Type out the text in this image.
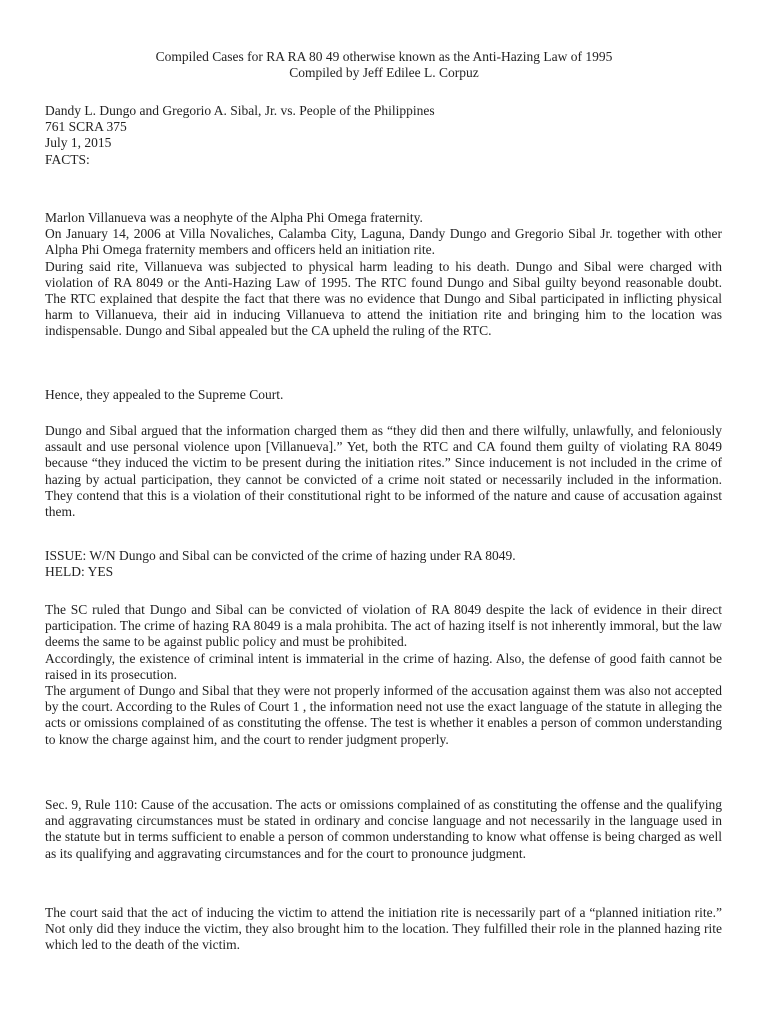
Compiled Cases for RA RA 80 49 otherwise known as the Anti-Hazing Law of 1995
Compiled by Jeff Edilee L. Corpuz
Dandy L. Dungo and Gregorio A. Sibal, Jr. vs. People of the Philippines
761 SCRA 375
July 1, 2015
FACTS:
Marlon Villanueva was a neophyte of the Alpha Phi Omega fraternity.
On January 14, 2006 at Villa Novaliches, Calamba City, Laguna, Dandy Dungo and Gregorio Sibal Jr. together with other Alpha Phi Omega fraternity members and officers held an initiation rite.
During said rite, Villanueva was subjected to physical harm leading to his death. Dungo and Sibal were charged with violation of RA 8049 or the Anti-Hazing Law of 1995. The RTC found Dungo and Sibal guilty beyond reasonable doubt. The RTC explained that despite the fact that there was no evidence that Dungo and Sibal participated in inflicting physical harm to Villanueva, their aid in inducing Villanueva to attend the initiation rite and bringing him to the location was indispensable. Dungo and Sibal appealed but the CA upheld the ruling of the RTC.
Hence, they appealed to the Supreme Court.
Dungo and Sibal argued that the information charged them as “they did then and there wilfully, unlawfully, and feloniously assault and use personal violence upon [Villanueva].” Yet, both the RTC and CA found them guilty of violating RA 8049 because “they induced the victim to be present during the initiation rites.” Since inducement is not included in the crime of hazing by actual participation, they cannot be convicted of a crime noit stated or necessarily included in the information. They contend that this is a violation of their constitutional right to be informed of the nature and cause of accusation against them.
ISSUE: W/N Dungo and Sibal can be convicted of the crime of hazing under RA 8049.
HELD: YES
The SC ruled that Dungo and Sibal can be convicted of violation of RA 8049 despite the lack of evidence in their direct participation. The crime of hazing RA 8049 is a mala prohibita. The act of hazing itself is not inherently immoral, but the law deems the same to be against public policy and must be prohibited.
Accordingly, the existence of criminal intent is immaterial in the crime of hazing. Also, the defense of good faith cannot be raised in its prosecution.
The argument of Dungo and Sibal that they were not properly informed of the accusation against them was also not accepted by the court. According to the Rules of Court 1 , the information need not use the exact language of the statute in alleging the acts or omissions complained of as constituting the offense. The test is whether it enables a person of common understanding to know the charge against him, and the court to render judgment properly.
Sec. 9, Rule 110: Cause of the accusation. The acts or omissions complained of as constituting the offense and the qualifying and aggravating circumstances must be stated in ordinary and concise language and not necessarily in the language used in the statute but in terms sufficient to enable a person of common understanding to know what offense is being charged as well as its qualifying and aggravating circumstances and for the court to pronounce judgment.
The court said that the act of inducing the victim to attend the initiation rite is necessarily part of a “planned initiation rite.” Not only did they induce the victim, they also brought him to the location. They fulfilled their role in the planned hazing rite which led to the death of the victim.
